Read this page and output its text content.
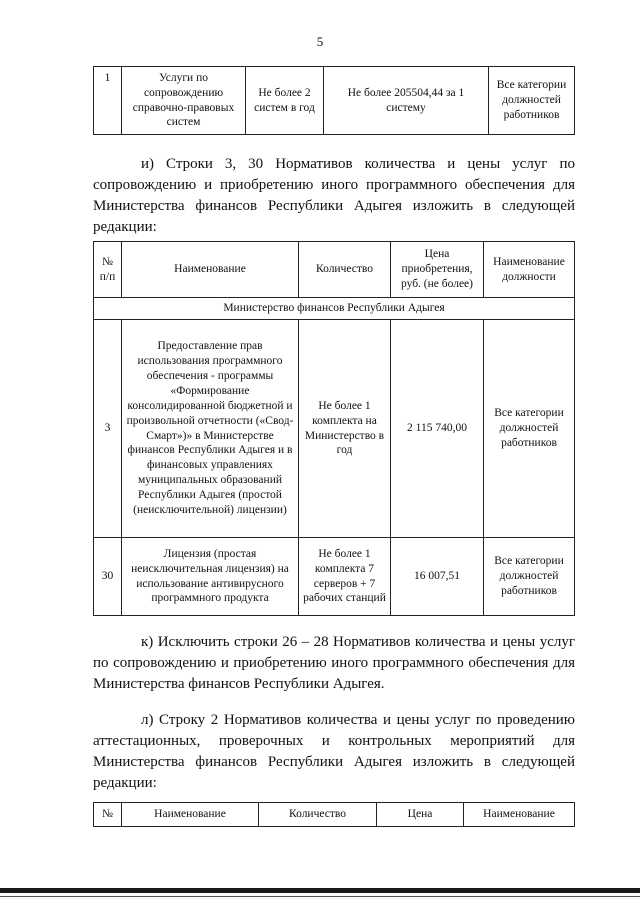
5
1	Услуги по сопровождению справочно-правовых систем	Не более 2 систем в год	Не более 205504,44 за 1 систему	Все категории должностей работников
и) Строки 3, 30 Нормативов количества и цены услуг по
сопровождению и приобретению иного программного обеспечения для
Министерства финансов Республики Адыгея изложить в следующей
редакции:
№ п/п	Наименование	Количество	Цена приобретения, руб. (не более)	Наименование должности
Министерство финансов Республики Адыгея				
3	Предоставление прав использования программного обеспечения - программы «Формирование консолидированной бюджетной и произвольной отчетности («Свод-Смарт»)» в Министерстве финансов Республики Адыгея и в финансовых управлениях муниципальных образований Республики Адыгея (простой (неисключительной) лицензии)	Не более 1 комплекта на Министерство в год	2 115 740,00	Все категории должностей работников
30	Лицензия (простая неисключительная лицензия) на использование антивирусного программного продукта	Не более 1 комплекта 7 серверов + 7 рабочих станций	16 007,51	Все категории должностей работников
к) Исключить строки 26 – 28 Нормативов количества и цены услуг
по сопровождению и приобретению иного программного обеспечения для
Министерства финансов Республики Адыгея.
л) Строку 2 Нормативов количества и цены услуг по проведению
аттестационных, проверочных и контрольных мероприятий для
Министерства финансов Республики Адыгея изложить в следующей
редакции:
№	Наименование	Количество	Цена	Наименование
